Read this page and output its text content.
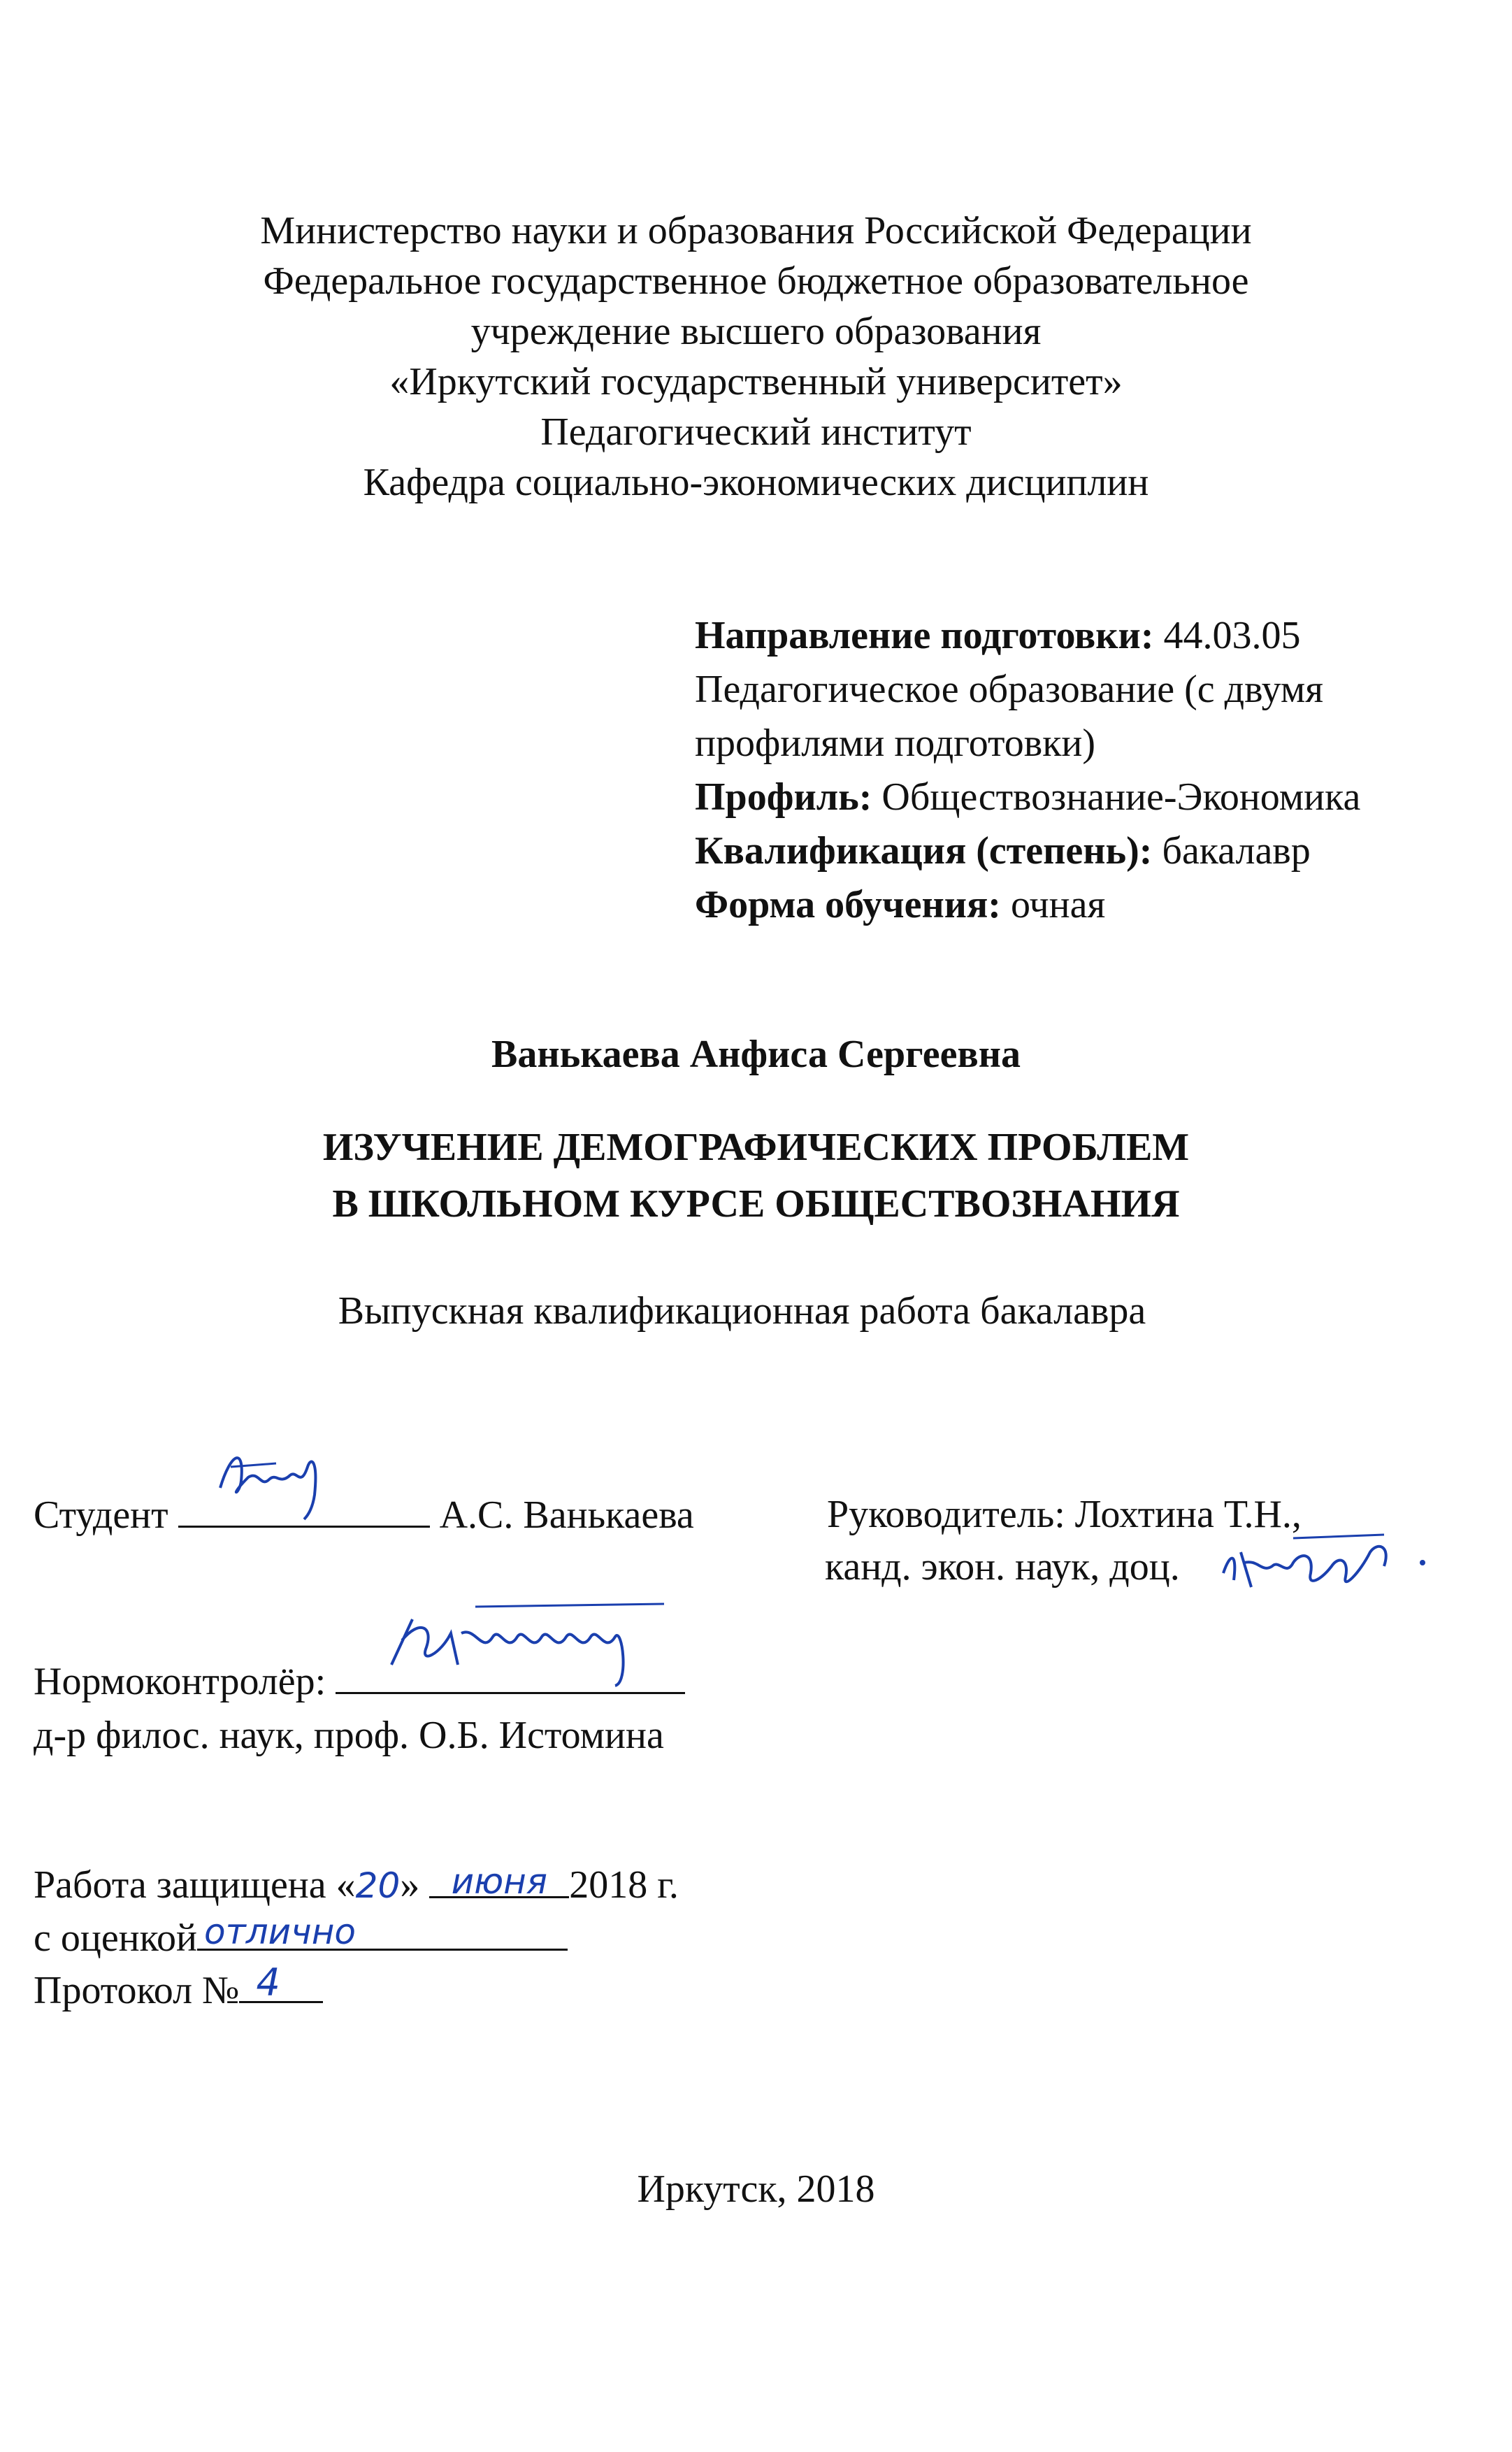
Министерство науки и образования Российской Федерации
Федеральное государственное бюджетное образовательное
учреждение высшего образования
«Иркутский государственный университет»
Педагогический институт
Кафедра социально-экономических дисциплин
Направление подготовки: 44.03.05
Педагогическое образование (с двумя
профилями подготовки)
Профиль: Обществознание-Экономика
Квалификация (степень): бакалавр
Форма обучения: очная
Ванькаева Анфиса Сергеевна
ИЗУЧЕНИЕ ДЕМОГРАФИЧЕСКИХ ПРОБЛЕМ
В ШКОЛЬНОМ КУРСЕ ОБЩЕСТВОЗНАНИЯ
Выпускная квалификационная работа бакалавра
Студент	А.С. Ванькаева	Руководитель: Лохтина Т.Н.,
канд. экон. наук, доц.
Нормоконтролёр:
д-р филос. наук, проф. О.Б. Истомина
Работа защищена «20» июня 2018 г.
с оценкой отлично
Протокол № 4
Иркутск, 2018
